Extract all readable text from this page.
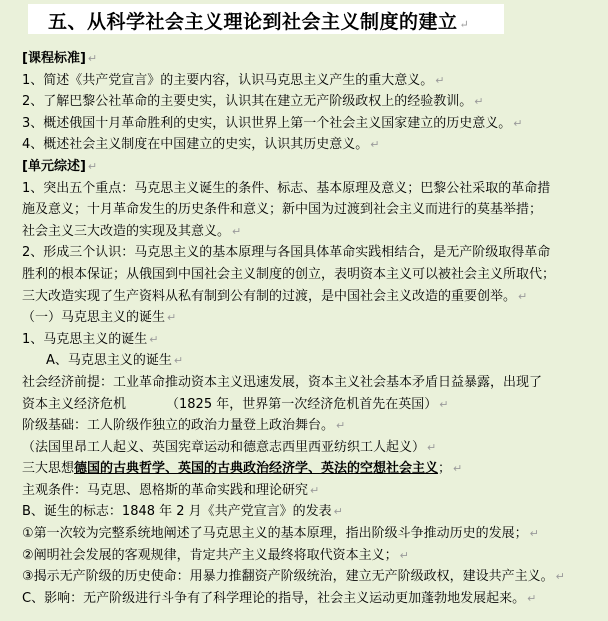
五、从科学社会主义理论到社会主义制度的建立 ↵
[课程标准] ↵
1、简述《共产党宣言》的主要内容，认识马克思主义产生的重大意义。 ↵
2、了解巴黎公社革命的主要史实，认识其在建立无产阶级政权上的经验教训。 ↵
3、概述俄国十月革命胜利的史实，认识世界上第一个社会主义国家建立的历史意义。 ↵
4、概述社会主义制度在中国建立的史实，认识其历史意义。 ↵
[单元综述] ↵
1、突出五个重点：马克思主义诞生的条件、标志、基本原理及意义；巴黎公社采取的革命措
施及意义；十月革命发生的历史条件和意义；新中国为过渡到社会主义而进行的莫基举措；
社会主义三大改造的实现及其意义。 ↵
2、形成三个认识：马克思主义的基本原理与各国具体革命实践相结合，是无产阶级取得革命
胜利的根本保证；从俄国到中国社会主义制度的创立，表明资本主义可以被社会主义所取代；
三大改造实现了生产资料从私有制到公有制的过渡，是中国社会主义改造的重要创举。 ↵
（一）马克思主义的诞生 ↵
1、马克思主义的诞生 ↵
A、马克思主义的诞生 ↵
社会经济前提：工业革命推动资本主义迅速发展，资本主义社会基本矛盾日益暴露，出现了
资本主义经济危机	（1825 年，世界第一次经济危机首先在英国） ↵
阶级基础：工人阶级作独立的政治力量登上政治舞台。 ↵
（法国里昂工人起义、英国宪章运动和德意志西里西亚纺织工人起义） ↵
三大思想德国的古典哲学、英国的古典政治经济学、英法的空想社会主义； ↵
主观条件：马克思、恩格斯的革命实践和理论研究 ↵
B、诞生的标志：1848 年 2 月《共产党宣言》的发表 ↵
①第一次较为完整系统地阐述了马克思主义的基本原理，指出阶级斗争推动历史的发展； ↵
②阐明社会发展的客观规律，肯定共产主义最终将取代资本主义； ↵
③揭示无产阶级的历史使命：用暴力推翻资产阶级统治，建立无产阶级政权，建设共产主义。 ↵
C、影响：无产阶级进行斗争有了科学理论的指导，社会主义运动更加蓬勃地发展起来。 ↵
